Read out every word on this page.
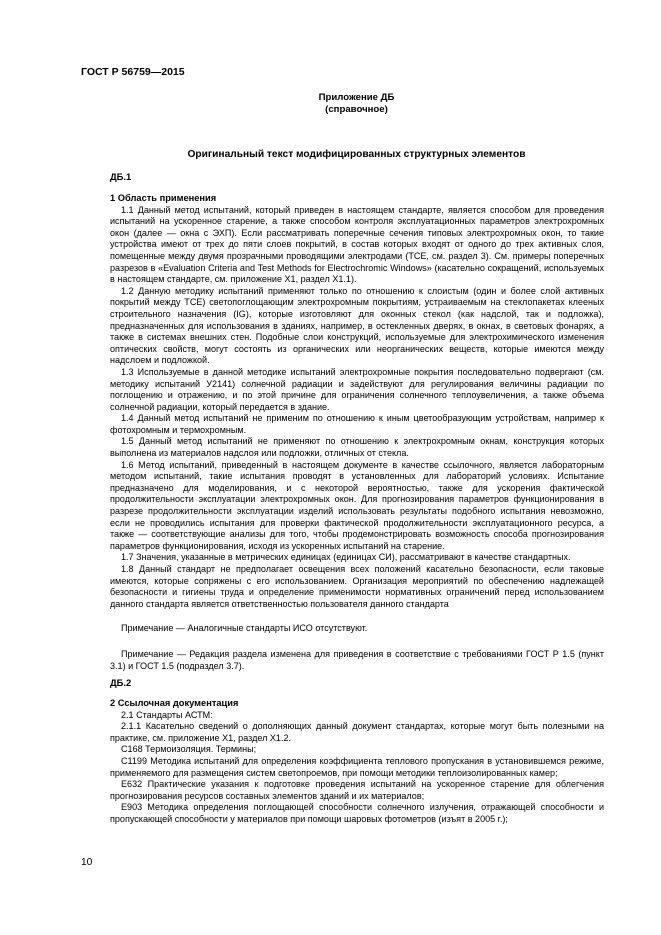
ГОСТ Р 56759—2015

Приложение ДБ

(справочное)

Оригинальный текст модифицированных структурных элементов

ДБ.1

1 Область применения

1.1 Данный метод испытаний, который приведен в настоящем стандарте, является способом для проведения испытаний на ускоренное старение, а также способом контроля эксплуатационных параметров электрохромных окон (далее — окна с ЭХП). Если рассматривать поперечные сечения типовых электрохромных окон, то такие устройства имеют от трех до пяти слоев покрытий, в состав которых входят от одного до трех активных слоя, помещенные между двумя прозрачными проводящими электродами (TCE, см. раздел 3). См. примеры поперечных разрезов в «Evaluation Criteria and Test Methods for Electrochromic Windows» (касательно сокращений, используемых в настоящем стандарте, см. приложение X1, раздел X1.1).

1.2 Данную методику испытаний применяют только по отношению к слоистым (один и более слой активных покрытий между TCE) светопоглощающим электрохромным покрытиям, устраиваемым на стеклопакетах клееных строительного назначения (IG), которые изготовляют для оконных стекол (как надслой, так и подложка), предназначенных для использования в зданиях, например, в остекленных дверях, в окнах, в световых фонарях, а также в системах внешних стен. Подобные слои конструкций, используемые для электрохимического изменения оптических свойств, могут состоять из органических или неорганических веществ, которые имеются между надслоем и подложкой.

1.3 Используемые в данной методике испытаний электрохромные покрытия последовательно подвергают (см. методику испытаний У2141) солнечной радиации и задействуют для регулирования величины радиации по поглощению и отражению, и по этой причине для ограничения солнечного теплоувеличения, а также объема солнечной радиации, который передается в здание.

1.4 Данный метод испытаний не применим по отношению к иным цветообразующим устройствам, например к фотохромным и термохромным.

1.5 Данный метод испытаний не применяют по отношению к электрохромным окнам, конструкция которых выполнена из материалов надслоя или подложки, отличных от стекла.

1.6 Метод испытаний, приведенный в настоящем документе в качестве ссылочного, является лабораторным методом испытаний, такие испытания проводят в установленных для лабораторий условиях. Испытание предназначено для моделирования, и с некоторой вероятностью, также для ускорения фактической продолжительности эксплуатации электрохромных окон. Для прогнозирования параметров функционирования в разрезе продолжительности эксплуатации изделий использовать результаты подобного испытания невозможно, если не проводились испытания для проверки фактической продолжительности эксплуатационного ресурса, а также — соответствующие анализы для того, чтобы продемонстрировать возможность способа прогнозирования параметров функционирования, исходя из ускоренных испытаний на старение.

1.7 Значения, указанные в метрических единицах (единицах СИ), рассматривают в качестве стандартных.

1.8 Данный стандарт не предполагает освещения всех положений касательно безопасности, если таковые имеются, которые сопряжены с его использованием. Организация мероприятий по обеспечению надлежащей безопасности и гигиены труда и определение применимости нормативных ограничений перед использованием данного стандарта является ответственностью пользователя данного стандарта

Примечание — Аналогичные стандарты ИСО отсутствуют.

Примечание — Редакция раздела изменена для приведения в соответствие с требованиями ГОСТ Р 1.5 (пункт 3.1) и ГОСТ 1.5 (подраздел 3.7).

ДБ.2

2 Ссылочная документация

2.1 Стандарты АСТМ:

2.1.1 Касательно сведений о дополняющих данный документ стандартах, которые могут быть полезными на практике, см. приложение X1, раздел X1.2.

C168 Термоизоляция. Термины;

C1199 Методика испытаний для определения коэффициента теплового пропускания в установившемся режиме, применяемого для размещения систем светопроемов, при помощи методики теплоизолированных камер;

E632 Практические указания к подготовке проведения испытаний на ускоренное старение для облегчения прогнозирования ресурсов составных элементов зданий и их материалов;

E903 Методика определения поглощающей способности солнечного излучения, отражающей способности и пропускающей способности у материалов при помощи шаровых фотометров (изъят в 2005 г.);

10
